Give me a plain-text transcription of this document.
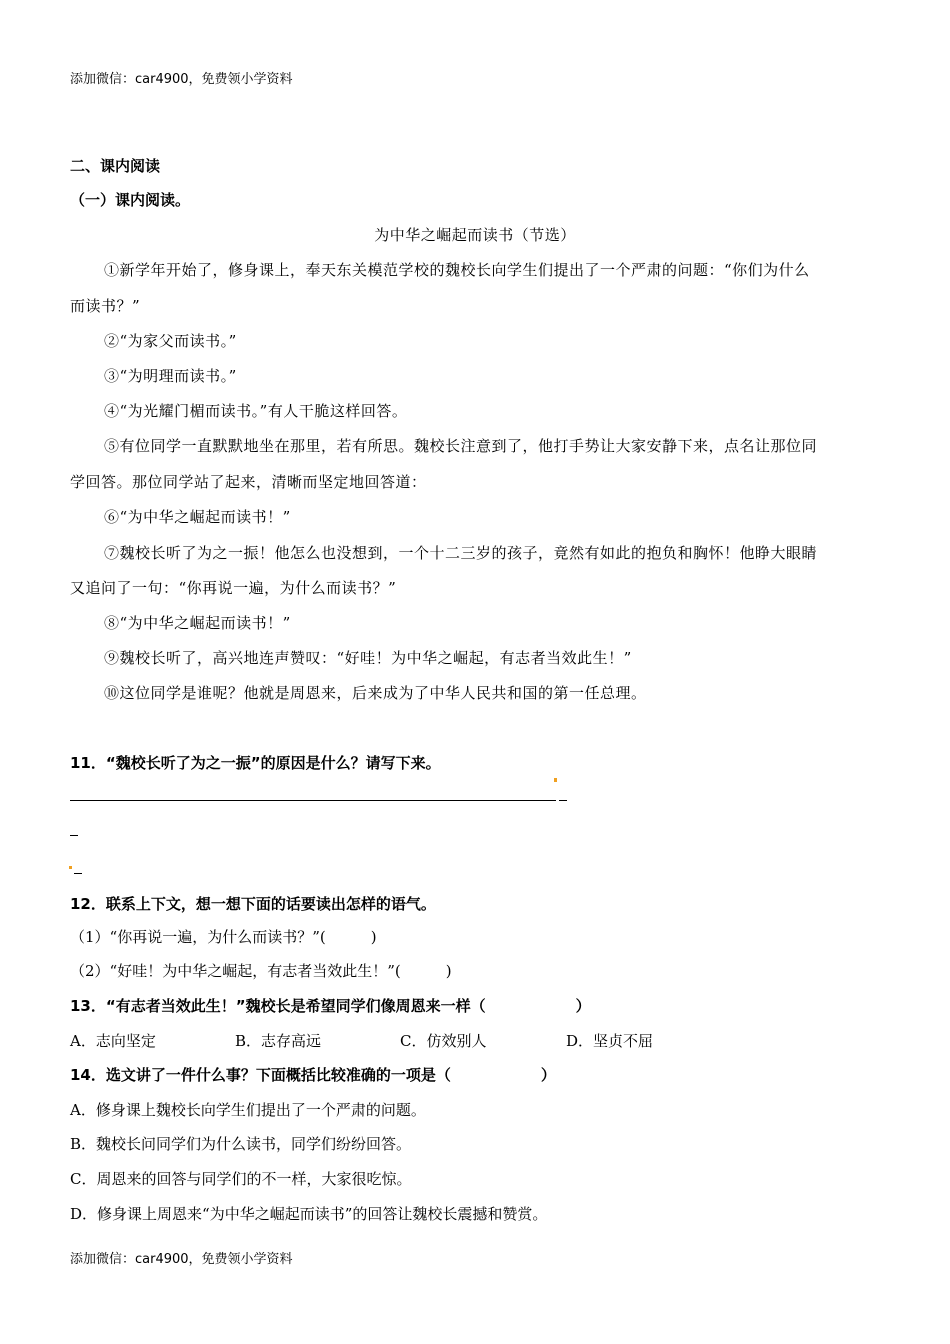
添加微信：car4900，免费领小学资料
二、课内阅读
（一）课内阅读。
为中华之崛起而读书（节选）
①新学年开始了，修身课上，奉天东关模范学校的魏校长向学生们提出了一个严肃的问题：“你们为什么
而读书？”
②“为家父而读书。”
③“为明理而读书。”
④“为光耀门楣而读书。”有人干脆这样回答。
⑤有位同学一直默默地坐在那里，若有所思。魏校长注意到了，他打手势让大家安静下来，点名让那位同
学回答。那位同学站了起来，清晰而坚定地回答道：
⑥“为中华之崛起而读书！”
⑦魏校长听了为之一振！他怎么也没想到，一个十二三岁的孩子，竟然有如此的抱负和胸怀！他睁大眼睛
又追问了一句：“你再说一遍，为什么而读书？”
⑧“为中华之崛起而读书！”
⑨魏校长听了，高兴地连声赞叹：“好哇！为中华之崛起，有志者当效此生！”
⑩这位同学是谁呢？他就是周恩来，后来成为了中华人民共和国的第一任总理。
11．“魏校长听了为之一振”的原因是什么？请写下来。
12．联系上下文，想一想下面的话要读出怎样的语气。
（1）“你再说一遍，为什么而读书？”(　　　)
（2）“好哇！为中华之崛起，有志者当效此生！”(　　　)
13．“有志者当效此生！”魏校长是希望同学们像周恩来一样（　　　　　　）
A．志向坚定	B．志存高远	C．仿效别人	D．坚贞不屈
14．选文讲了一件什么事？下面概括比较准确的一项是（　　　　　　）
A．修身课上魏校长向学生们提出了一个严肃的问题。
B．魏校长问同学们为什么读书，同学们纷纷回答。
C．周恩来的回答与同学们的不一样，大家很吃惊。
D．修身课上周恩来“为中华之崛起而读书”的回答让魏校长震撼和赞赏。
添加微信：car4900，免费领小学资料
